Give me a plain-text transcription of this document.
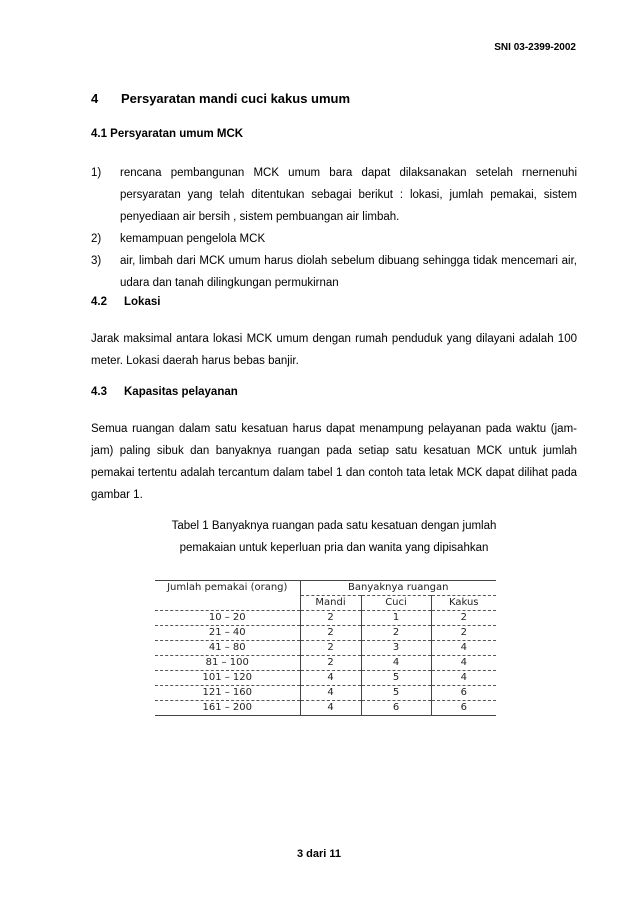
SNI 03-2399-2002
4 Persyaratan mandi cuci kakus umum
4.1 Persyaratan umum MCK
1) rencana pembangunan MCK umum bara dapat dilaksanakan setelah rnernenuhi persyaratan yang telah ditentukan sebagai berikut : lokasi, jumlah pemakai, sistem penyediaan air bersih , sistem pembuangan air limbah.
2) kemampuan pengelola MCK
3) air, limbah dari MCK umum harus diolah sebelum dibuang sehingga tidak mencemari air, udara dan tanah dilingkungan permukirnan
4.2 Lokasi
Jarak maksimal antara lokasi MCK umum dengan rumah penduduk yang dilayani adalah 100 meter. Lokasi daerah harus bebas banjir.
4.3 Kapasitas pelayanan
Semua ruangan dalam satu kesatuan harus dapat menampung pelayanan pada waktu (jam-jam) paling sibuk dan banyaknya ruangan pada setiap satu kesatuan MCK untuk jumlah pemakai tertentu adalah tercantum dalam tabel 1 dan contoh tata letak MCK dapat dilihat pada gambar 1.
Tabel 1 Banyaknya ruangan pada satu kesatuan dengan jumlah
pemakaian untuk keperluan pria dan wanita yang dipisahkan
Jumlah pemakai (orang)	Banyaknya ruangan		
	Mandi	Cuci	Kakus
10 – 20	2	1	2
21 – 40	2	2	2
41 – 80	2	3	4
81 – 100	2	4	4
101 – 120	4	5	4
121 – 160	4	5	6
161 – 200	4	6	6
3 dari 11
